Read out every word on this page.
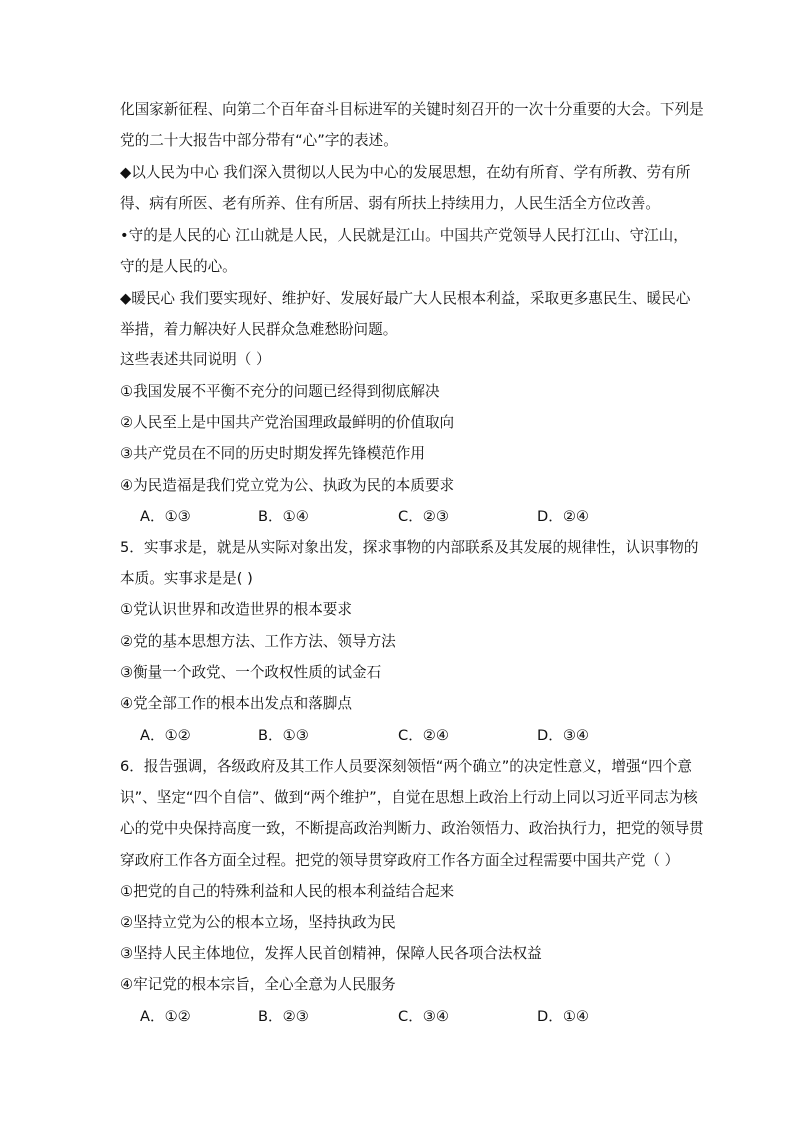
化国家新征程、向第二个百年奋斗目标进军的关键时刻召开的一次十分重要的大会。下列是
党的二十大报告中部分带有“心”字的表述。
◆以人民为中心 我们深入贯彻以人民为中心的发展思想，在幼有所育、学有所教、劳有所
得、病有所医、老有所养、住有所居、弱有所扶上持续用力，人民生活全方位改善。
•守的是人民的心 江山就是人民，人民就是江山。中国共产党领导人民打江山、守江山，
守的是人民的心。
◆暖民心 我们要实现好、维护好、发展好最广大人民根本利益，采取更多惠民生、暖民心
举措，着力解决好人民群众急难愁盼问题。
这些表述共同说明（ ）
①我国发展不平衡不充分的问题已经得到彻底解决
②人民至上是中国共产党治国理政最鲜明的价值取向
③共产党员在不同的历史时期发挥先锋模范作用
④为民造福是我们党立党为公、执政为民的本质要求
A．①③	B．①④	C．②③	D．②④
5．实事求是，就是从实际对象出发，探求事物的内部联系及其发展的规律性，认识事物的
本质。实事求是是( )
①党认识世界和改造世界的根本要求
②党的基本思想方法、工作方法、领导方法
③衡量一个政党、一个政权性质的试金石
④党全部工作的根本出发点和落脚点
A．①②	B．①③	C．②④	D．③④
6．报告强调，各级政府及其工作人员要深刻领悟“两个确立”的决定性意义，增强“四个意
识”、坚定“四个自信”、做到“两个维护”，自觉在思想上政治上行动上同以习近平同志为核
心的党中央保持高度一致，不断提高政治判断力、政治领悟力、政治执行力，把党的领导贯
穿政府工作各方面全过程。把党的领导贯穿政府工作各方面全过程需要中国共产党（ ）
①把党的自己的特殊利益和人民的根本利益结合起来
②坚持立党为公的根本立场，坚持执政为民
③坚持人民主体地位，发挥人民首创精神，保障人民各项合法权益
④牢记党的根本宗旨，全心全意为人民服务
A．①②	B．②③	C．③④	D．①④
